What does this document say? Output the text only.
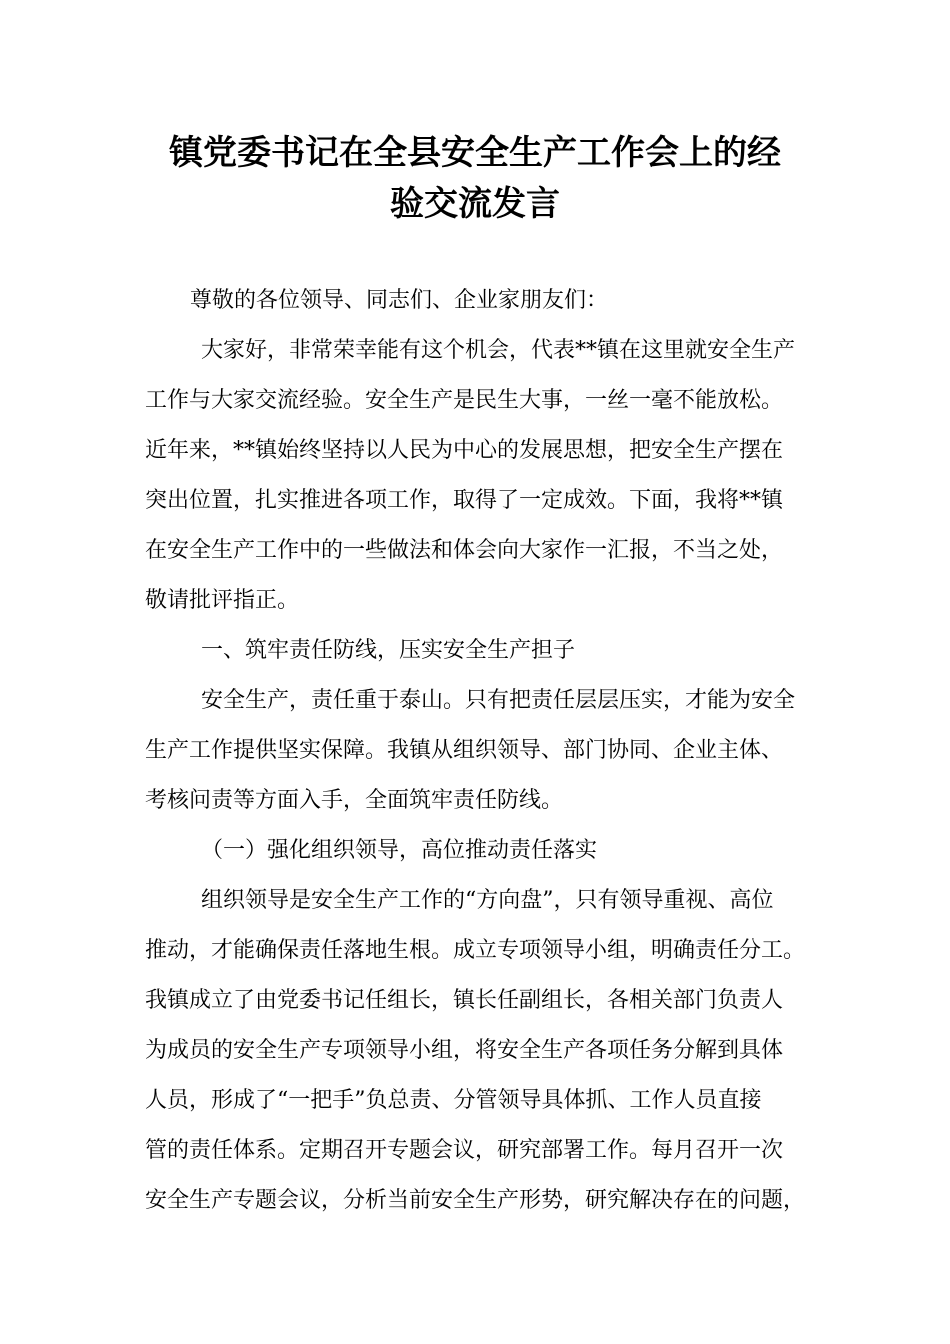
镇党委书记在全县安全生产工作会上的经
验交流发言

尊敬的各位领导、同志们、企业家朋友们：

大家好，非常荣幸能有这个机会，代表**镇在这里就安全生产

工作与大家交流经验。安全生产是民生大事，一丝一毫不能放松。

近年来，**镇始终坚持以人民为中心的发展思想，把安全生产摆在

突出位置，扎实推进各项工作，取得了一定成效。下面，我将**镇

在安全生产工作中的一些做法和体会向大家作一汇报，不当之处，

敬请批评指正。

一、筑牢责任防线，压实安全生产担子

安全生产，责任重于泰山。只有把责任层层压实，才能为安全

生产工作提供坚实保障。我镇从组织领导、部门协同、企业主体、

考核问责等方面入手，全面筑牢责任防线。

（一）强化组织领导，高位推动责任落实

组织领导是安全生产工作的“方向盘”，只有领导重视、高位

推动，才能确保责任落地生根。成立专项领导小组，明确责任分工。

我镇成立了由党委书记任组长，镇长任副组长，各相关部门负责人

为成员的安全生产专项领导小组，将安全生产各项任务分解到具体

人员，形成了“一把手”负总责、分管领导具体抓、工作人员直接

管的责任体系。定期召开专题会议，研究部署工作。每月召开一次

安全生产专题会议，分析当前安全生产形势，研究解决存在的问题，
